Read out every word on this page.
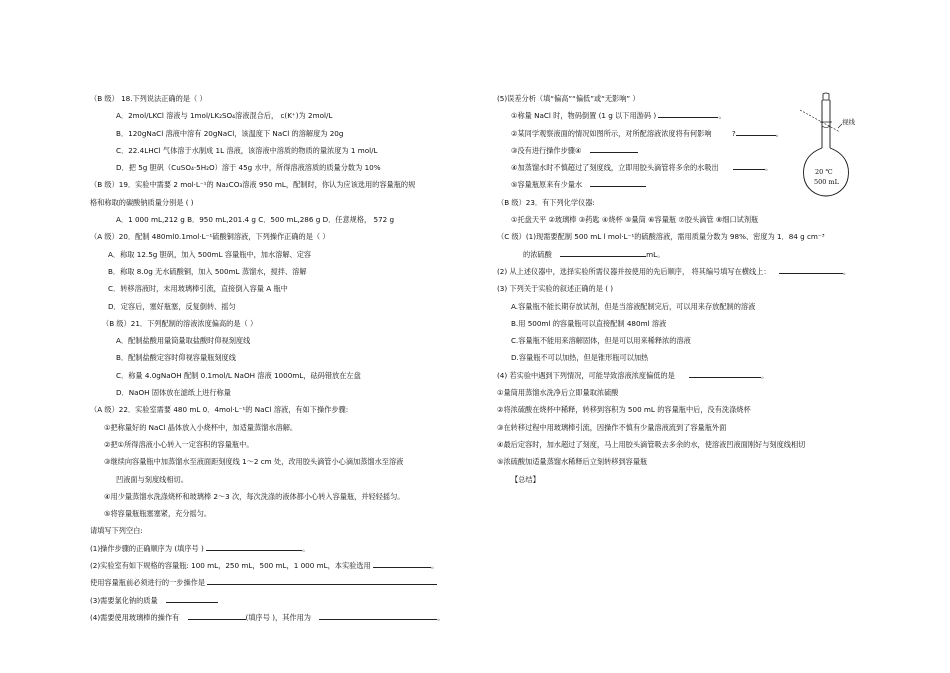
（B 级） 18.下列说法正确的是（ ）
A．2mol/LKCl 溶液与 1mol/LK₂SO₄溶液混合后， c(K⁺)为 2mol/L
B．120gNaCl 溶液中溶有 20gNaCl，该温度下 NaCl 的溶解度为 20g
C．22.4LHCl 气体溶于水制成 1L 溶液，该溶液中溶质的物质的量浓度为 1 mol/L
D．把 5g 胆矾（CuSO₄·5H₂O）溶于 45g 水中，所得溶液溶质的质量分数为 10%
（B 级）19．实验中需要 2 mol·L⁻¹的 Na₂CO₃溶液 950 mL，配制时，你认为应该选用的容量瓶的规
格和称取的碳酸钠质量分别是 ( )
A．1 000 mL,212 g B．950 mL,201.4 g C．500 mL,286 g D．任意规格， 572 g
（A 级）20．配制 480ml0.1mol·L⁻¹硫酸铜溶液，下列操作正确的是（ ）
A．称取 12.5g 胆矾，加入 500mL 容量瓶中，加水溶解、定容
B．称取 8.0g 无水硫酸铜，加入 500mL 蒸馏水，搅拌、溶解
C．转移溶液时，未用玻璃棒引流，直接倒入容量 A 瓶中
D．定容后，塞好瓶塞，反复倒转、摇匀
（B 级）21．下列配制的溶液浓度偏高的是（ ）
A．配制盐酸用量筒量取盐酸时仰视刻度线
B．配制盐酸定容时仰视容量瓶刻度线
C．称量 4.0gNaOH 配制 0.1mol/L NaOH 溶液 1000mL，砝码错放在左盘
D．NaOH 固体放在滤纸上进行称量
（A 级）22．实验室需要 480 mL 0．4mol·L⁻¹的 NaCl 溶液，有如下操作步骤:
①把称量好的 NaCl 晶体放入小烧杯中，加适量蒸馏水溶解。
②把①所得溶液小心转入一定容积的容量瓶中。
③继续向容量瓶中加蒸馏水至液面距刻度线 1～2 cm 处，改用胶头滴管小心滴加蒸馏水至溶液
凹液面与刻度线相切。
④用少量蒸馏水洗涤烧杯和玻璃棒 2～3 次，每次洗涤的液体都小心转入容量瓶，并轻轻摇匀。
⑤将容量瓶瓶塞塞紧，充分摇匀。
请填写下列空白:
(1)操作步骤的正确顺序为 (填序号 )	。
(2)实验室有如下规格的容量瓶: 100 mL，250 mL，500 mL，1 000 mL，本实验选用	。
使用容量瓶前必须进行的一步操作是
(3)需要氯化钠的质量
(4)需要使用玻璃棒的操作有	(填序号 )，其作用为	。
(5)误差分析（填“偏高”“偏低”或“无影响” ）
①称量 NaCl 时，物码倒置 (1 g 以下用游码 )	。
②某同学观察液面的情况如图所示，对所配溶液浓度将有何影响	?	。
③没有进行操作步骤④
④加蒸馏水时不慎超过了刻度线，立即用胶头滴管将多余的水吸出	。
⑤容量瓶原来有少量水
（B 级）23．有下列化学仪器:
①托盘天平 ②玻璃棒 ③药匙 ④烧杯 ⑤量筒 ⑥容量瓶 ⑦胶头滴管 ⑧细口试剂瓶
（C 级）(1)现需要配制 500 mL l mol·L⁻¹的硫酸溶液，需用质量分数为 98%、密度为 1．84 g cm⁻³
的浓硫酸	mL。
(2) 从上述仪器中，选择实验所需仪器并按使用的先后顺序， 将其编号填写在横线上：	。
(3) 下列关于实验的叙述正确的是 ( )
A.容量瓶不能长期存放试剂，但是当溶液配制完后，可以用来存放配制的溶液
B.用 500ml 的容量瓶可以直接配制 480ml 溶液
C.容量瓶不能用来溶解固体，但是可以用来稀释浓的溶液
D.容量瓶不可以加热，但是锥形瓶可以加热
(4) 若实验中遇到下列情况，可能导致溶液浓度偏低的是	。
①量筒用蒸馏水洗净后立即量取浓硫酸
②将浓硫酸在烧杯中稀释，转移到容积为 500 mL 的容量瓶中后，没有洗涤烧杯
③在转移过程中用玻璃棒引流，因操作不慎有少量溶液流到了容量瓶外面
④最后定容时，加水超过了刻度，马上用胶头滴管吸去多余的水，使溶液凹液面刚好与刻度线相切
⑤浓硫酸加适量蒸馏水稀释后立刻转移到容量瓶
【总结】
视线
20 ℃
500 mL
